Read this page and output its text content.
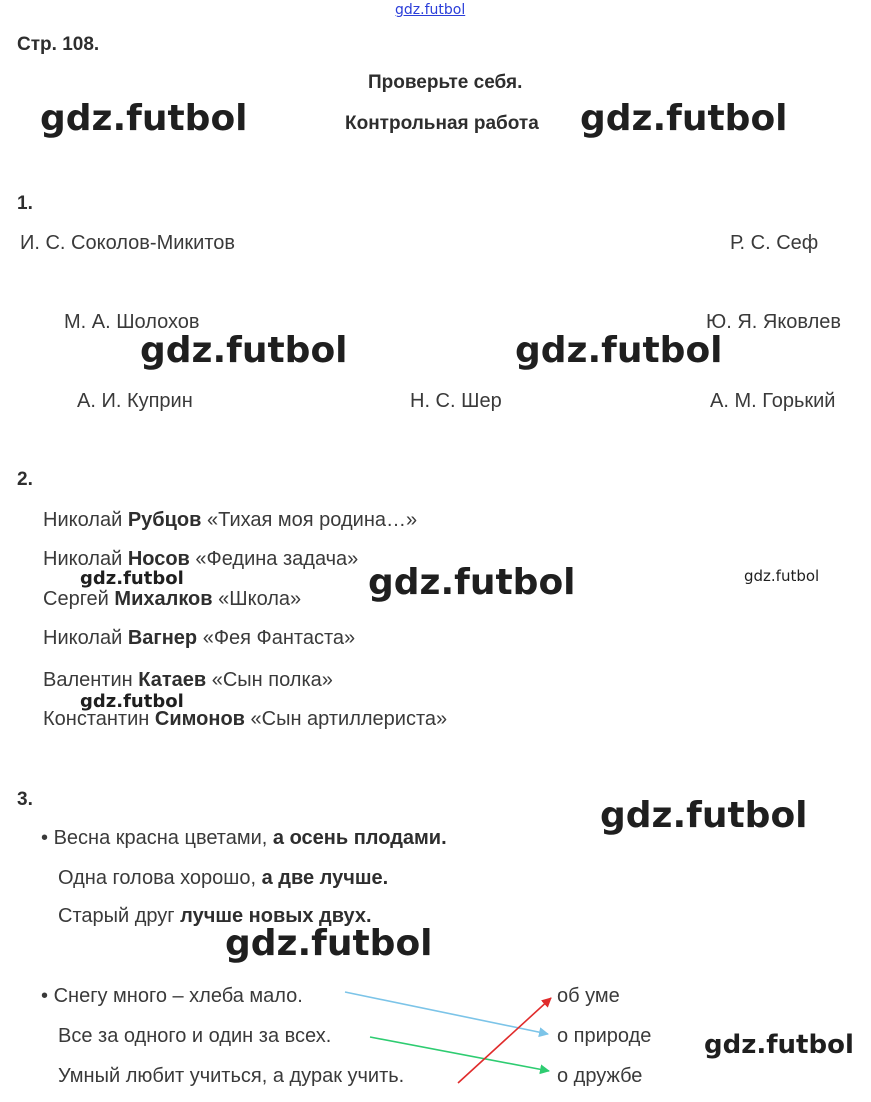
gdz.futbol
Стр. 108.
Проверьте себя.
Контрольная работа
gdz.futbol	gdz.futbol
gdz.futbol	gdz.futbol
gdz.futbol
gdz.futbol
gdz.futbol
gdz.futbol
gdz.futbol
gdz.futbol
gdz.futbol
1.
И. С. Соколов-Микитов	Р. С. Сеф
М. А. Шолохов	Ю. Я. Яковлев
А. И. Куприн	Н. С. Шер	А. М. Горький
2.
Николай Рубцов «Тихая моя родина…»
Николай Носов «Федина задача»
Сергей Михалков «Школа»
Николай Вагнер «Фея Фантаста»
Валентин Катаев «Сын полка»
Константин Симонов «Сын артиллериста»
3.
• Весна красна цветами, а осень плодами.
Одна голова хорошо, а две лучше.
Старый друг лучше новых двух.
• Снегу много – хлеба мало.
Все за одного и один за всех.
Умный любит учиться, а дурак учить.
об уме
о природе
о дружбе
